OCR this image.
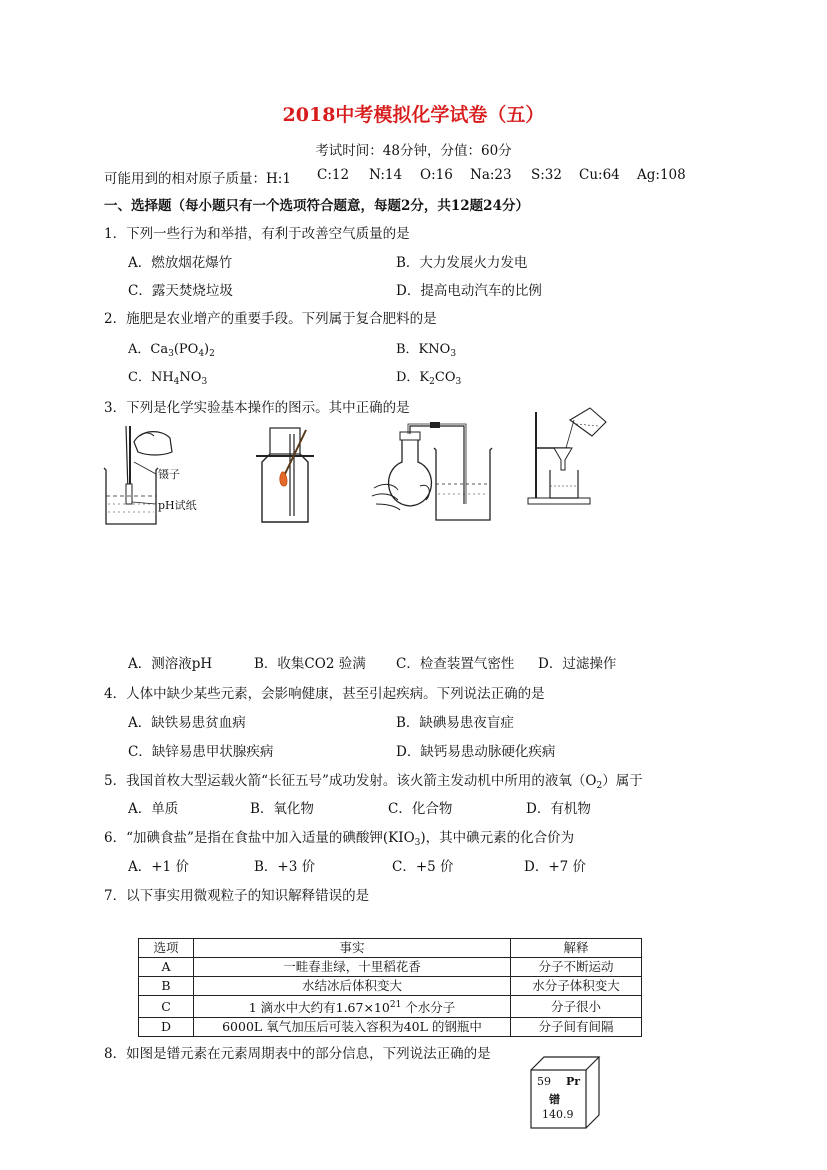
2018中考模拟化学试卷（五）
考试时间：48分钟，分值：60分
可能用到的相对原子质量：H:1 C:12 N:14 O:16 Na:23 S:32 Cu:64 Ag:108
一、选择题（每小题只有一个选项符合题意，每题2分，共12题24分）
1．下列一些行为和举措，有利于改善空气质量的是
A．燃放烟花爆竹	B．大力发展火力发电
C．露天焚烧垃圾	D．提高电动汽车的比例
2．施肥是农业增产的重要手段。下列属于复合肥料的是
A．$Ca_3(PO_4)_2$	B．$KNO_3$
C．$NH_4NO_3$	D．$K_2CO_3$
3．下列是化学实验基本操作的图示。其中正确的是
镊子
pH试纸
A．测溶液pH	B．收集CO2 验满 C．检查装置气密性 D．过滤操作
4．人体中缺少某些元素，会影响健康，甚至引起疾病。下列说法正确的是
A．缺铁易患贫血病	B．缺碘易患夜盲症
C．缺锌易患甲状腺疾病	D．缺钙易患动脉硬化疾病
5．我国首枚大型运载火箭“长征五号”成功发射。该火箭主发动机中所用的液氧$(O_2)$属于
A．单质	B．氧化物	C．化合物	D．有机物
6．“加碘食盐”是指在食盐中加入适量的碘酸钾$(KIO_3)$，其中碘元素的化合价为
A．+1 价	B．+3 价	C．+5 价	D．+7 价
7．以下事实用微观粒子的知识解释错误的是
选项	事实	解释
A	一畦春韭绿，十里稻花香	分子不断运动
B	水结冰后体积变大	水分子体积变大
C	1 滴水中大约有$1.67\times 10^{21}$ 个水分子	分子很小
D	6000L 氧气加压后可装入容积为40L 的钢瓶中	分子间有间隔
8．如图是镨元素在元素周期表中的部分信息，下列说法正确的是
59 Pr
镨
140.9
